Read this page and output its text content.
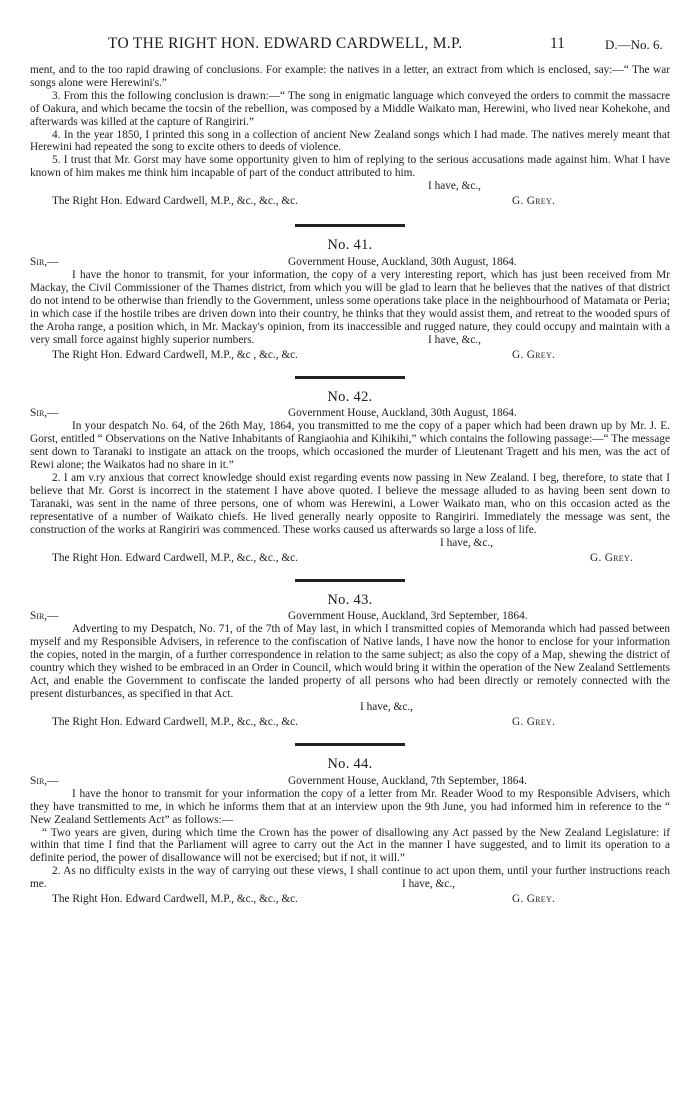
TO THE RIGHT HON. EDWARD CARDWELL, M.P.	11	D.—No. 6.

ment, and to the too rapid drawing of conclusions. For example: the natives in a letter, an extract from which is enclosed, say:—“ The war songs alone were Herewini's.”

3. From this the following conclusion is drawn:—“ The song in enigmatic language which conveyed the orders to commit the massacre of Oakura, and which became the tocsin of the rebellion, was composed by a Middle Waikato man, Herewini, who lived near Kohekohe, and afterwards was killed at the capture of Rangiriri.”

4. In the year 1850, I printed this song in a collection of ancient New Zealand songs which I had made. The natives merely meant that Herewini had repeated the song to excite others to deeds of violence.

5. I trust that Mr. Gorst may have some opportunity given to him of replying to the serious accusations made against him. What I have known of him makes me think him incapable of part of the conduct attributed to him.

I have, &c.,
The Right Hon. Edward Cardwell, M.P., &c., &c., &c.	G. Grey.
No. 41.
Sir,—	Government House, Auckland, 30th August, 1864.

I have the honor to transmit, for your information, the copy of a very interesting report, which has just been received from Mr Mackay, the Civil Commissioner of the Thames district, from which you will be glad to learn that he believes that the natives of that district do not intend to be otherwise than friendly to the Government, unless some operations take place in the neighbourhood of Matamata or Peria; in which case if the hostile tribes are driven down into their country, he thinks that they would assist them, and retreat to the wooded spurs of the Aroha range, a position which, in Mr. Mackay's opinion, from its inaccessible and rugged nature, they could occupy and maintain with a very small force against highly superior numbers.	I have, &c.,
The Right Hon. Edward Cardwell, M.P., &c , &c., &c.	G. Grey.
No. 42.
Sir,—	Government House, Auckland, 30th August, 1864.

In your despatch No. 64, of the 26th May, 1864, you transmitted to me the copy of a paper which had been drawn up by Mr. J. E. Gorst, entitled “ Observations on the Native Inhabitants of Rangiaohia and Kihikihi,” which contains the following passage:—“ The message sent down to Taranaki to instigate an attack on the troops, which occasioned the murder of Lieutenant Tragett and his men, was the act of Rewi alone; the Waikatos had no share in it.”

2. I am v.ry anxious that correct knowledge should exist regarding events now passing in New Zealand. I beg, therefore, to state that I believe that Mr. Gorst is incorrect in the statement I have above quoted. I believe the message alluded to as having been sent down to Taranaki, was sent in the name of three persons, one of whom was Herewini, a Lower Waikato man, who on this occasion acted as the representative of a number of Waikato chiefs. He lived generally nearly opposite to Rangiriri. Immediately the message was sent, the construction of the works at Rangiriri was commenced. These works caused us afterwards so large a loss of life.

I have, &c.,
The Right Hon. Edward Cardwell, M.P., &c., &c., &c.	G. Grey.
No. 43.
Sir,—	Government House, Auckland, 3rd September, 1864.

Adverting to my Despatch, No. 71, of the 7th of May last, in which I transmitted copies of Memoranda which had passed between myself and my Responsible Advisers, in reference to the confiscation of Native lands, I have now the honor to enclose for your information the copies, noted in the margin, of a further correspondence in relation to the same subject; as also the copy of a Map, shewing the district of country which they wished to be embraced in an Order in Council, which would bring it within the operation of the New Zealand Settlements Act, and enable the Government to confiscate the landed property of all persons who had been directly or remotely connected with the present disturbances, as specified in that Act.

I have, &c.,
The Right Hon. Edward Cardwell, M.P., &c., &c., &c.	G. Grey.
No. 44.
Sir,—	Government House, Auckland, 7th September, 1864.

I have the honor to transmit for your information the copy of a letter from Mr. Reader Wood to my Responsible Advisers, which they have transmitted to me, in which he informs them that at an interview upon the 9th June, you had informed him in reference to the “ New Zealand Settlements Act” as follows:—

“ Two years are given, during which time the Crown has the power of disallowing any Act passed by the New Zealand Legislature: if within that time I find that the Parliament will agree to carry out the Act in the manner I have suggested, and to limit its operation to a definite period, the power of disallowance will not be exercised; but if not, it will.”

2. As no difficulty exists in the way of carrying out these views, I shall continue to act upon them, until your further instructions reach me.	I have, &c.,
The Right Hon. Edward Cardwell, M.P., &c., &c., &c.	G. Grey.
